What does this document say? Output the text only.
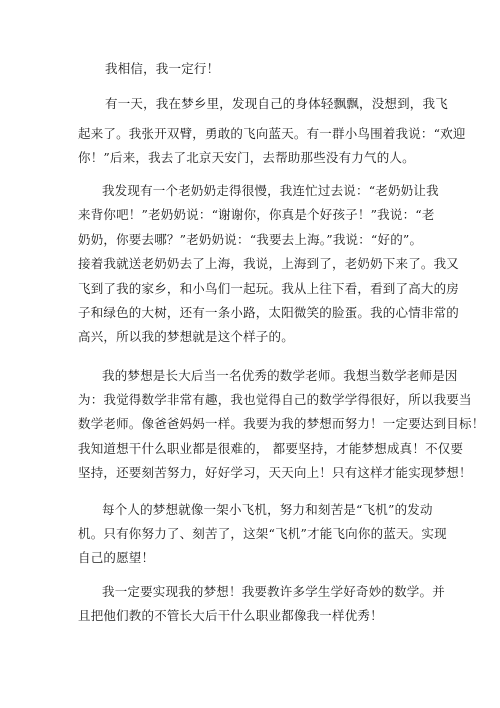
我相信，我一定行！
有一天，我在梦乡里，发现自己的身体轻飘飘，没想到，我飞
起来了。我张开双臂，勇敢的飞向蓝天。有一群小鸟围着我说：“欢迎
你！”后来，我去了北京天安门，去帮助那些没有力气的人。
我发现有一个老奶奶走得很慢，我连忙过去说：“老奶奶让我
来背你吧！”老奶奶说：“谢谢你，你真是个好孩子！”我说：“老
奶奶，你要去哪？”老奶奶说：“我要去上海。”我说：“好的”。
接着我就送老奶奶去了上海，我说，上海到了，老奶奶下来了。我又
飞到了我的家乡，和小鸟们一起玩。我从上往下看，看到了高大的房
子和绿色的大树，还有一条小路，太阳微笑的脸蛋。我的心情非常的
高兴，所以我的梦想就是这个样子的。
我的梦想是长大后当一名优秀的数学老师。我想当数学老师是因
为：我觉得数学非常有趣，我也觉得自己的数学学得很好，所以我要当
数学老师。像爸爸妈妈一样。我要为我的梦想而努力！一定要达到目标！
我知道想干什么职业都是很难的， 都要坚持，才能梦想成真！不仅要
坚持，还要刻苦努力，好好学习，天天向上！只有这样才能实现梦想！
每个人的梦想就像一架小飞机，努力和刻苦是“飞机”的发动
机。只有你努力了、刻苦了，这架“飞机”才能飞向你的蓝天。实现
自己的愿望！
我一定要实现我的梦想！我要教许多学生学好奇妙的数学。并
且把他们教的不管长大后干什么职业都像我一样优秀！
